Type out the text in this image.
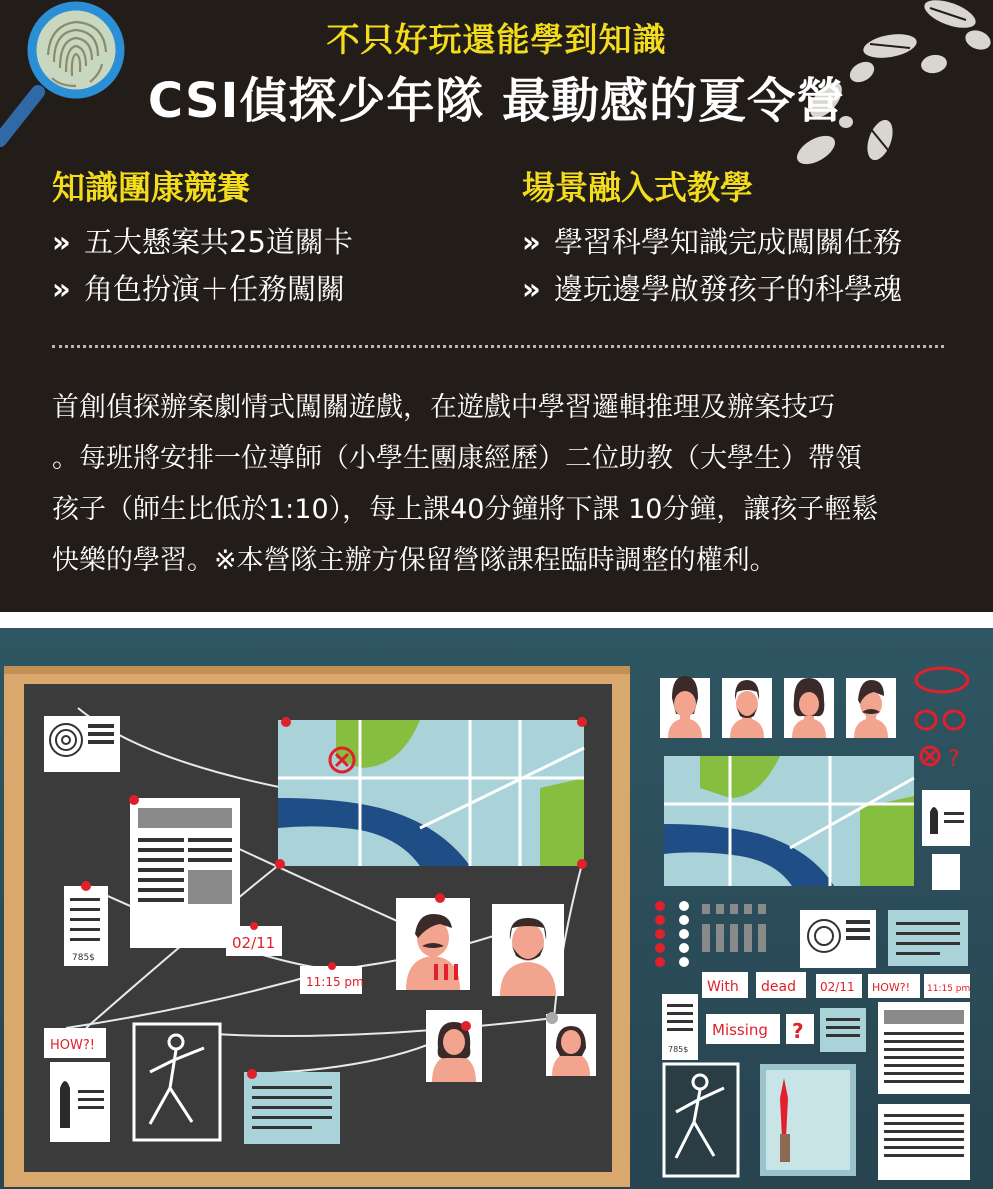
不只好玩還能學到知識
CSI偵探少年隊 最動感的夏令營
知識團康競賽
» 五大懸案共25道關卡
» 角色扮演＋任務闖關
場景融入式教學
» 學習科學知識完成闖關任務
» 邊玩邊學啟發孩子的科學魂

首創偵探辦案劇情式闖關遊戲，在遊戲中學習邏輯推理及辦案技巧

。每班將安排一位導師（小學生團康經歷）二位助教（大學生）帶領

孩子（師生比低於1:10），每上課40分鐘將下課 10分鐘，讓孩子輕鬆

快樂的學習。※本營隊主辦方保留營隊課程臨時調整的權利。

785$
02/11
11:15 pm
HOW?!
?
With dead 02/11 HOW?! 11:15 pm
785$
Missing ?
